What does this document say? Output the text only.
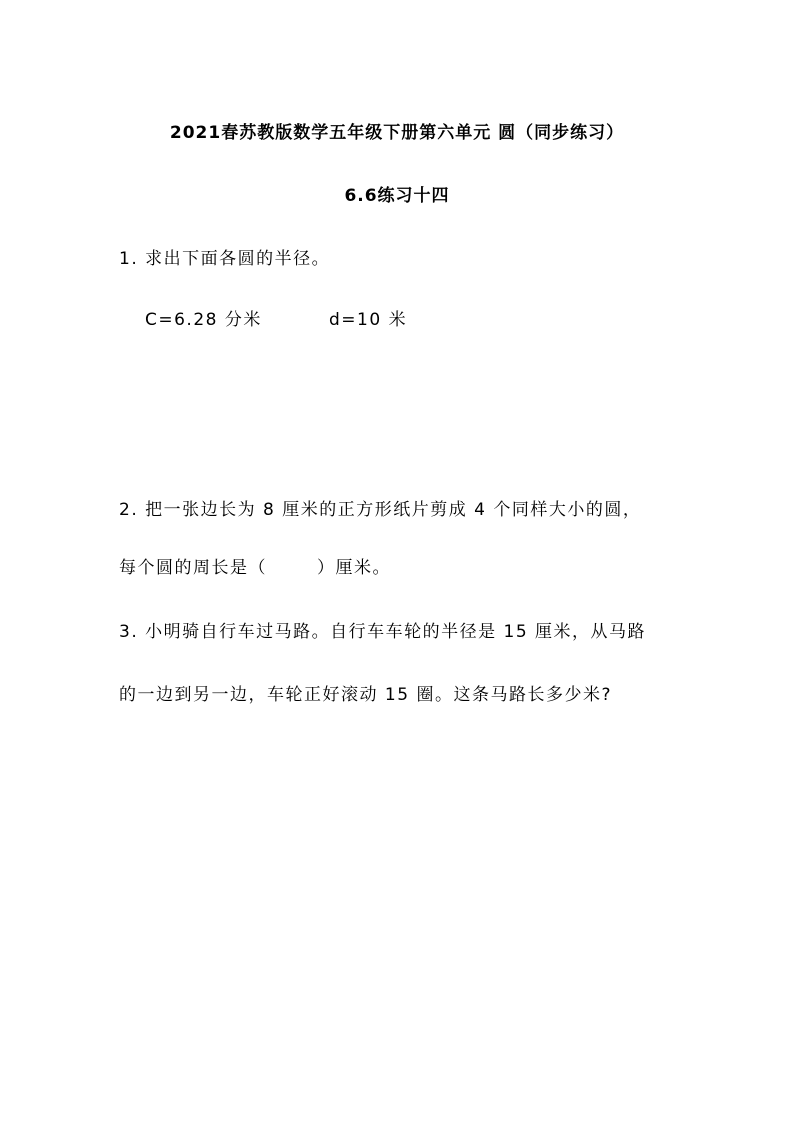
2021春苏教版数学五年级下册第六单元 圆（同步练习）
6.6练习十四
1. 求出下面各圆的半径。
C=6.28 分米	d=10 米
2. 把一张边长为 8 厘米的正方形纸片剪成 4 个同样大小的圆，
每个圆的周长是（	）厘米。
3. 小明骑自行车过马路。自行车车轮的半径是 15 厘米，从马路
的一边到另一边，车轮正好滚动 15 圈。这条马路长多少米?
